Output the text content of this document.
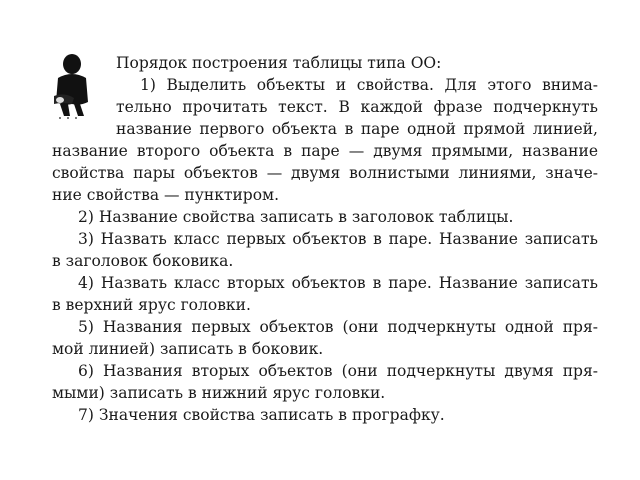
Порядок построения таблицы типа ОО:
1) Выделить объекты и свойства. Для этого внима-
тельно прочитать текст. В каждой фразе подчеркнуть
название первого объекта в паре одной прямой линией,
название второго объекта в паре — двумя прямыми, название
свойства пары объектов — двумя волнистыми линиями, значе-
ние свойства — пунктиром.
2) Название свойства записать в заголовок таблицы.
3) Назвать класс первых объектов в паре. Название записать
в заголовок боковика.
4) Назвать класс вторых объектов в паре. Название записать
в верхний ярус головки.
5) Названия первых объектов (они подчеркнуты одной пря-
мой линией) записать в боковик.
6) Названия вторых объектов (они подчеркнуты двумя пря-
мыми) записать в нижний ярус головки.
7) Значения свойства записать в прографку.
